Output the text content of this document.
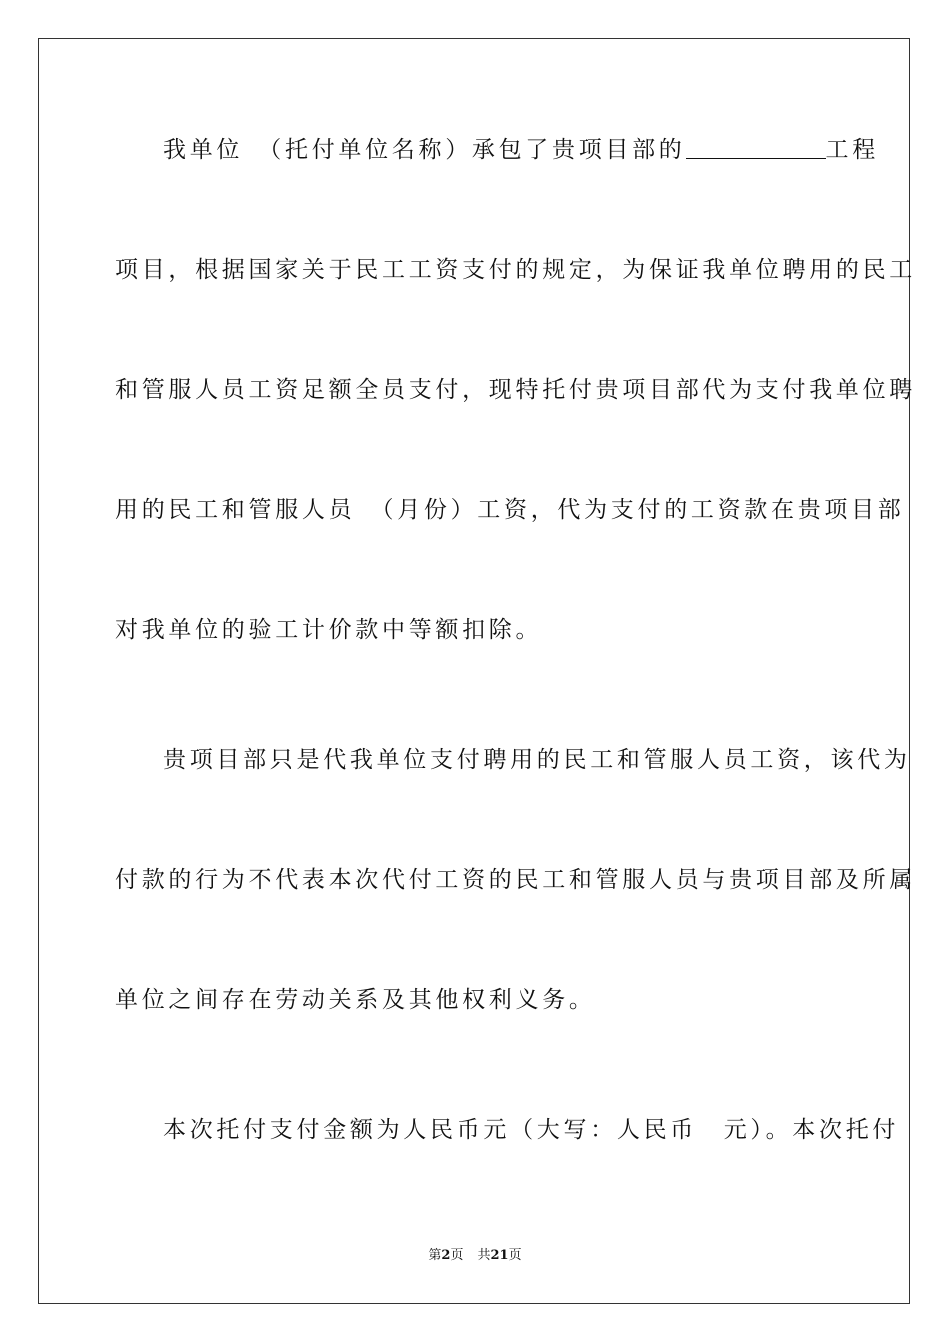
我单位　（托付单位名称）承包了贵项目部的	工程
项目，根据国家关于民工工资支付的规定，为保证我单位聘用的民工
和管服人员工资足额全员支付，现特托付贵项目部代为支付我单位聘
用的民工和管服人员　（月份）工资，代为支付的工资款在贵项目部
对我单位的验工计价款中等额扣除。
贵项目部只是代我单位支付聘用的民工和管服人员工资，该代为
付款的行为不代表本次代付工资的民工和管服人员与贵项目部及所属
单位之间存在劳动关系及其他权利义务。
本次托付支付金额为人民币元（大写：人民币　元）。本次托付
第2页 共21页
